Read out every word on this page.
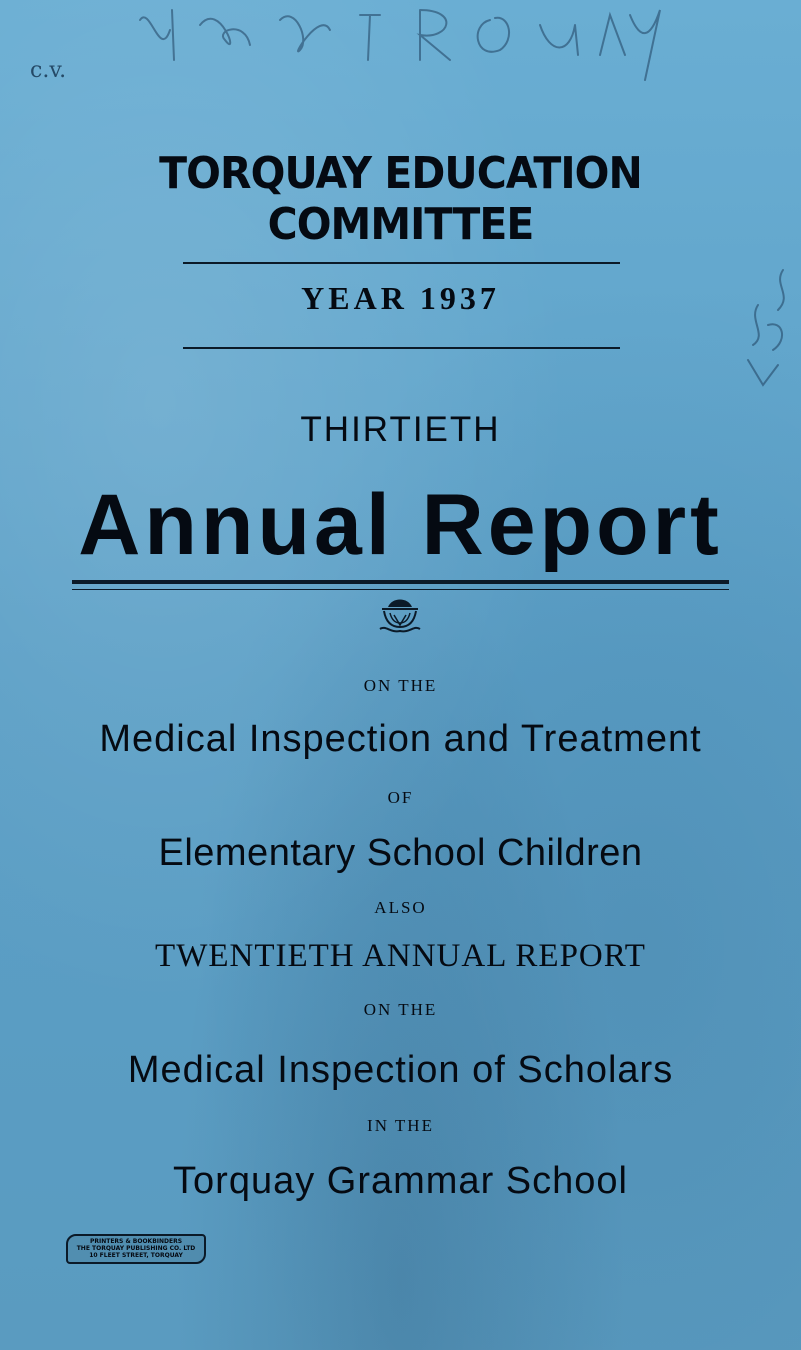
c.v.

TORQUAY EDUCATION COMMITTEE

YEAR 1937

THIRTIETH

Annual Report

ON THE

Medical Inspection and Treatment

OF

Elementary School Children

ALSO

TWENTIETH ANNUAL REPORT

ON THE

Medical Inspection of Scholars

IN THE

Torquay Grammar School

PRINTERS & BOOKBINDERS
THE TORQUAY PUBLISHING CO. LTD
10 FLEET STREET, TORQUAY
